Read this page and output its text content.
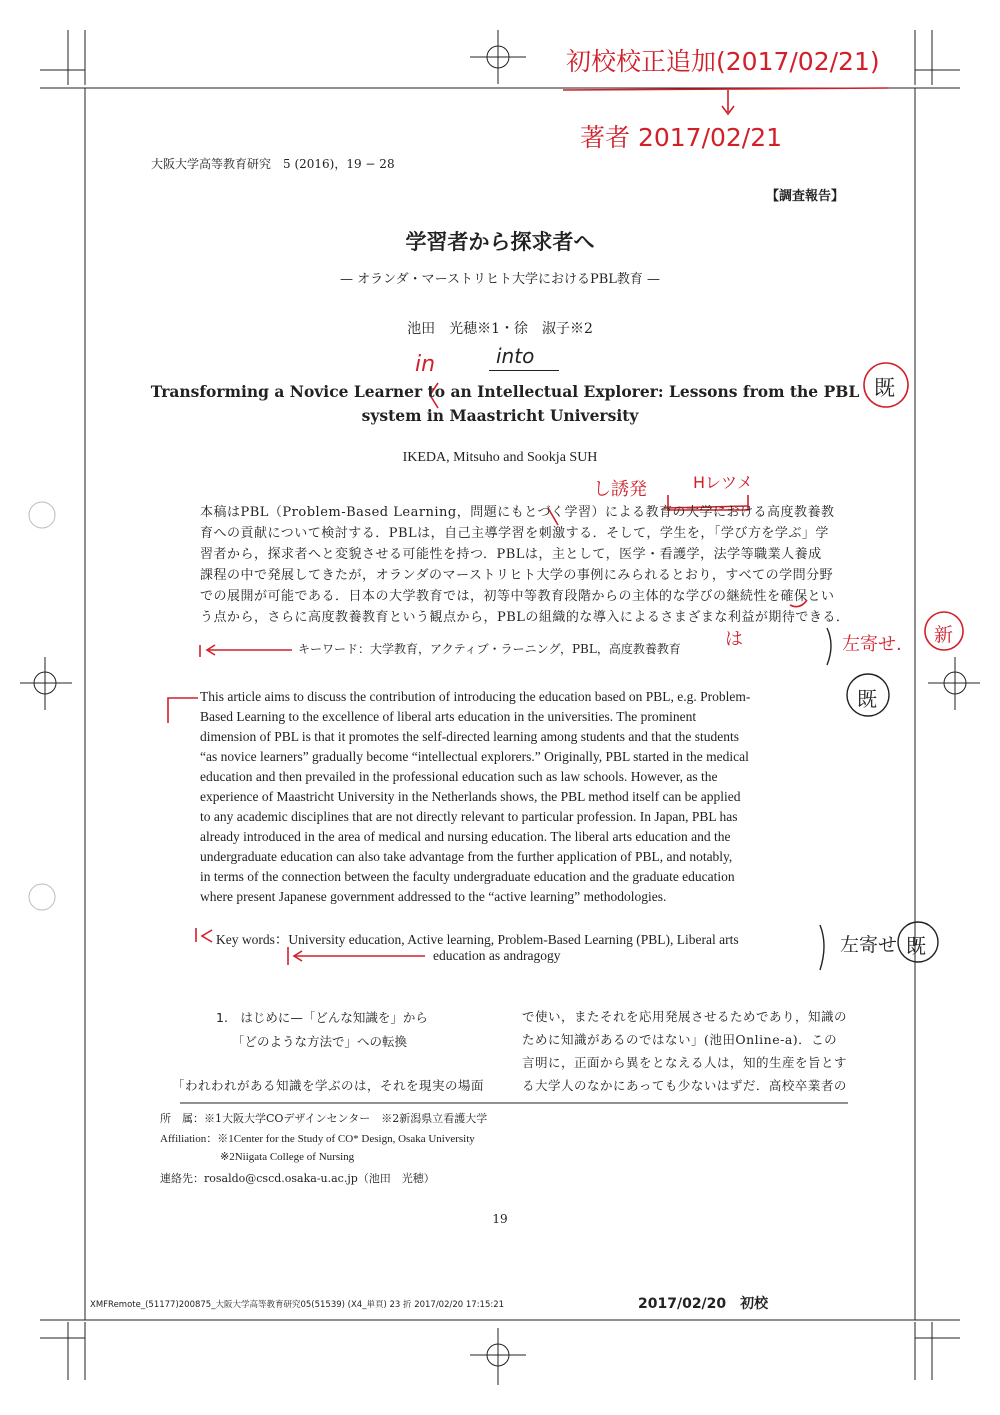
初校校正追加(2017/02/21)
著者 2017/02/21
in	into
既
し誘発	Hレツメ
は	左寄せ. 新
既
左寄せ 既
大阪大学高等教育研究　5 (2016)，19 − 28
【調査報告】
学習者から探求者へ
— オランダ・マーストリヒト大学におけるPBL教育 —
池田　光穂※1・徐　淑子※2
Transforming a Novice Learner to an Intellectual Explorer: Lessons from the PBL
system in Maastricht University
IKEDA, Mitsuho and Sookja SUH
本稿はPBL（Problem-Based Learning，問題にもとづく学習）による教育の大学における高度教養教
育への貢献について検討する．PBLは，自己主導学習を刺激する．そして，学生を，「学び方を学ぶ」学
習者から，探求者へと変貌させる可能性を持つ．PBLは，主として，医学・看護学，法学等職業人養成
課程の中で発展してきたが，オランダのマーストリヒト大学の事例にみられるとおり，すべての学問分野
での展開が可能である．日本の大学教育では，初等中等教育段階からの主体的な学びの継続性を確保とい
う点から，さらに高度教養教育という観点から，PBLの組織的な導入によるさまざまな利益が期待できる．
キーワード：大学教育，アクティブ・ラーニング，PBL，高度教養教育
This article aims to discuss the contribution of introducing the education based on PBL, e.g. Problem-
Based Learning to the excellence of liberal arts education in the universities. The prominent
dimension of PBL is that it promotes the self-directed learning among students and that the students
“as novice learners” gradually become “intellectual explorers.” Originally, PBL started in the medical
education and then prevailed in the professional education such as law schools. However, as the
experience of Maastricht University in the Netherlands shows, the PBL method itself can be applied
to any academic disciplines that are not directly relevant to particular profession. In Japan, PBL has
already introduced in the area of medical and nursing education. The liberal arts education and the
undergraduate education can also take advantage from the further application of PBL, and notably,
in terms of the connection between the faculty undergraduate education and the graduate education
where present Japanese government addressed to the “active learning” methodologies.
Key words：University education, Active learning, Problem-Based Learning (PBL), Liberal arts
education as andragogy
1.　はじめに—「どんな知識を」から
「どのような方法で」への転換
「われわれがある知識を学ぶのは，それを現実の場面
で使い，またそれを応用発展させるためであり，知識の
ために知識があるのではない」(池田Online-a)．この
言明に，正面から異をとなえる人は，知的生産を旨とす
る大学人のなかにあっても少ないはずだ．高校卒業者の
所　属：※1大阪大学COデザインセンター　※2新潟県立看護大学
Affiliation：※1Center for the Study of CO* Design, Osaka University
※2Niigata College of Nursing
連絡先：rosaldo@cscd.osaka-u.ac.jp（池田　光穂）
19
XMFRemote_(51177)200875_大阪大学高等教育研究05(51539) (X4_単頁) 23 折 2017/02/20 17:15:21	2017/02/20　初校
